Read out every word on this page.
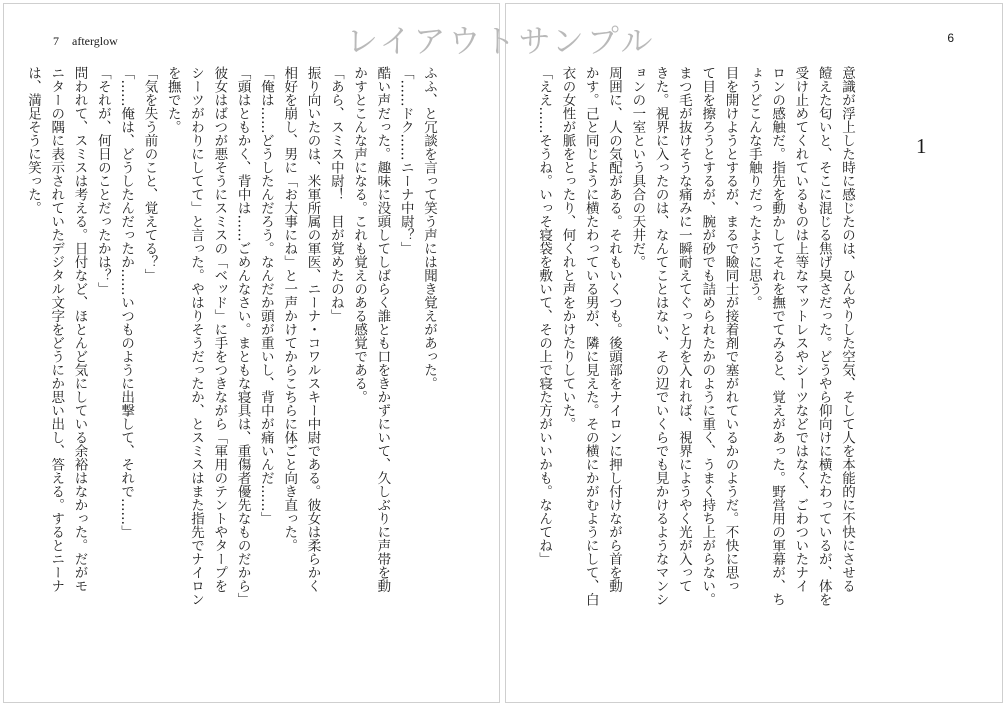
7 afterglow

ふふ、と冗談を言って笑う声には聞き覚えがあった。

「……ドク……ニーナ中尉？」

酷い声だった。趣味に没頭してしばらく誰とも口をきかずにいて、久しぶりに声帯を動

かすとこんな声になる。これも覚えのある感覚である。

「あら、スミス中尉！　目が覚めたのね」

振り向いたのは、米軍所属の軍医、ニーナ・コワルスキー中尉である。彼女は柔らかく

相好を崩し、男に「お大事にね」と一声かけてからこちらに体ごと向き直った。

「俺は……どうしたんだろう。なんだか頭が重いし、背中が痛いんだ……」

「頭はともかく、背中は……ごめんなさい。まともな寝具は、重傷者優先なものだから」

彼女はばつが悪そうにスミスの「ベッド」に手をつきながら「軍用のテントやタープを

シーツがわりにしてて」と言った。やはりそうだったか、とスミスはまた指先でナイロン

を撫でた。

「気を失う前のこと、覚えてる？」

「……俺は、どうしたんだったか……いつものように出撃して、それで……」

「それが、何日のことだったかは？」

問われて、スミスは考える。日付など、ほとんど気にしている余裕はなかった。だがモ

ニターの隅に表示されていたデジタル文字をどうにか思い出し、答える。するとニーナ

は、満足そうに笑った。

6
1

意識が浮上した時に感じたのは、ひんやりした空気、そして人を本能的に不快にさせる

饐えた匂いと、そこに混じる焦げ臭さだった。どうやら仰向けに横たわっているが、体を

受け止めてくれているものは上等なマットレスやシーツなどではなく、ごわついたナイ

ロンの感触だ。指先を動かしてそれを撫でてみると、覚えがあった。野営用の軍幕が、ち

ょうどこんな手触りだったように思う。

目を開けようとするが、まるで瞼同士が接着剤で塞がれているかのようだ。不快に思っ

て目を擦ろうとするが、腕が砂でも詰められたかのように重く、うまく持ち上がらない。

まつ毛が抜けそうな痛みに一瞬耐えてぐっと力を入れれば、視界にようやく光が入って

きた。視界に入ったのは、なんてことはない、その辺でいくらでも見かけるようなマンシ

ョンの一室という具合の天井だ。

周囲に、人の気配がある。それもいくつも。後頭部をナイロンに押し付けながら首を動

かす。己と同じように横たわっている男が、隣に見えた。その横にかがむようにして、白

衣の女性が脈をとったり、何くれと声をかけたりしていた。

「ええ……そうね。いっそ寝袋を敷いて、その上で寝た方がいいかも。なんてね」

レイアウトサンプル
